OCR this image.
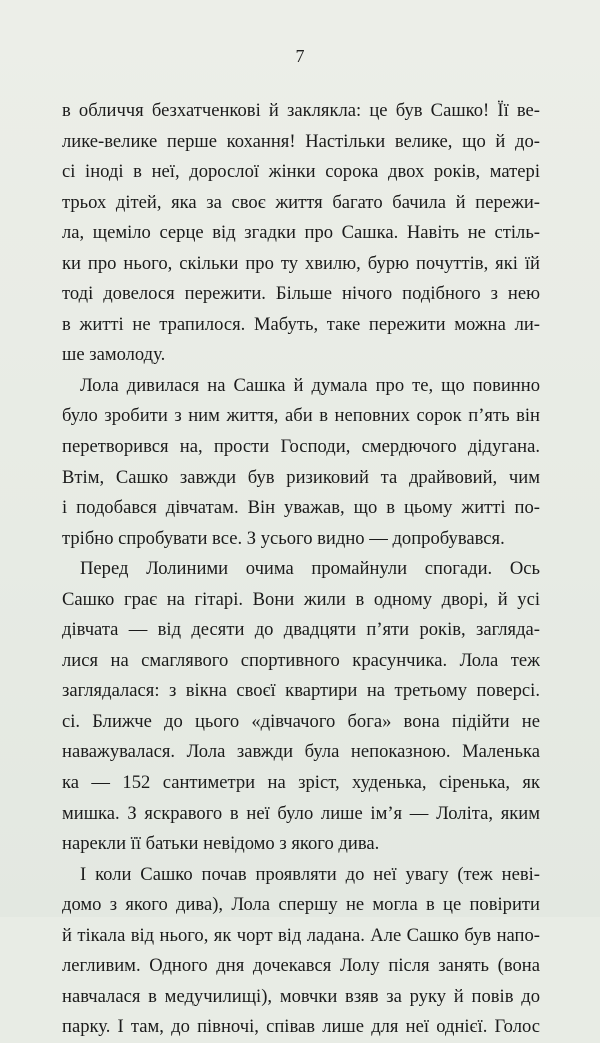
7
в обличчя безхатченкові й заклякла: це був Сашко! Її ве-
лике-велике перше кохання! Настільки велике, що й до-
сі іноді в неї, дорослої жінки сорока двох років, матері
трьох дітей, яка за своє життя багато бачила й пережи-
ла, щеміло серце від згадки про Сашка. Навіть не стіль-
ки про нього, скільки про ту хвилю, бурю почуттів, які їй
тоді довелося пережити. Більше нічого подібного з нею
в житті не трапилося. Мабуть, таке пережити можна ли-
ше замолоду.
Лола дивилася на Сашка й думала про те, що повинно
було зробити з ним життя, аби в неповних сорок п’ять він
перетворився на, прости Господи, смердючого дідугана.
Втім, Сашко завжди був ризиковий та драйвовий, чим
і подобався дівчатам. Він уважав, що в цьому житті по-
трібно спробувати все. З усього видно — допробувався.
Перед Лолиними очима промайнули спогади. Ось
Сашко грає на гітарі. Вони жили в одному дворі, й усі
дівчата — від десяти до двадцяти п’яти років, загляда-
лися на смаглявого спортивного красунчика. Лола теж
заглядалася: з вікна своєї квартири на третьому поверсі.
сі. Ближче до цього «дівчачого бога» вона підійти не
наважувалася. Лола завжди була непоказною. Маленька
ка — 152 сантиметри на зріст, худенька, сіренька, як
мишка. З яскравого в неї було лише ім’я — Лоліта, яким
нарекли її батьки невідомо з якого дива.
І коли Сашко почав проявляти до неї увагу (теж неві-
домо з якого дива), Лола спершу не могла в це повірити
й тікала від нього, як чорт від ладана. Але Сашко був напо-
легливим. Одного дня дочекався Лолу після занять (вона
навчалася в медучилищі), мовчки взяв за руку й повів до
парку. І там, до півночі, співав лише для неї однієї. Голос
